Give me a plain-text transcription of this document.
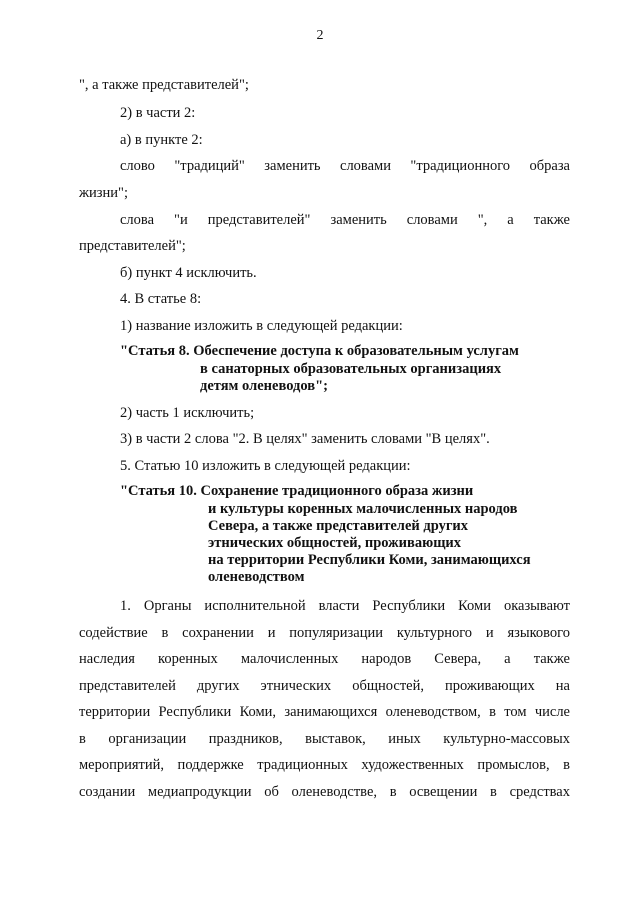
2
", а также представителей";
2) в части 2:
а) в пункте 2:
слово "традиций" заменить словами "традиционного образа
жизни";
слова "и представителей" заменить словами ", а также
представителей";
б) пункт 4 исключить.
4. В статье 8:
1) название изложить в следующей редакции:
"Статья 8. Обеспечение доступа к образовательным услугам
в санаторных образовательных организациях
детям оленеводов";
2) часть 1 исключить;
3) в части 2 слова "2. В целях" заменить словами "В целях".
5. Статью 10 изложить в следующей редакции:
"Статья 10. Сохранение традиционного образа жизни
и культуры коренных малочисленных народов
Севера, а также представителей других
этнических общностей, проживающих
на территории Республики Коми, занимающихся
оленеводством
1. Органы исполнительной власти Республики Коми оказывают
содействие в сохранении и популяризации культурного и языкового
наследия коренных малочисленных народов Севера, а также
представителей других этнических общностей, проживающих на
территории Республики Коми, занимающихся оленеводством, в том числе
в организации праздников, выставок, иных культурно-массовых
мероприятий, поддержке традиционных художественных промыслов, в
создании медиапродукции об оленеводстве, в освещении в средствах
